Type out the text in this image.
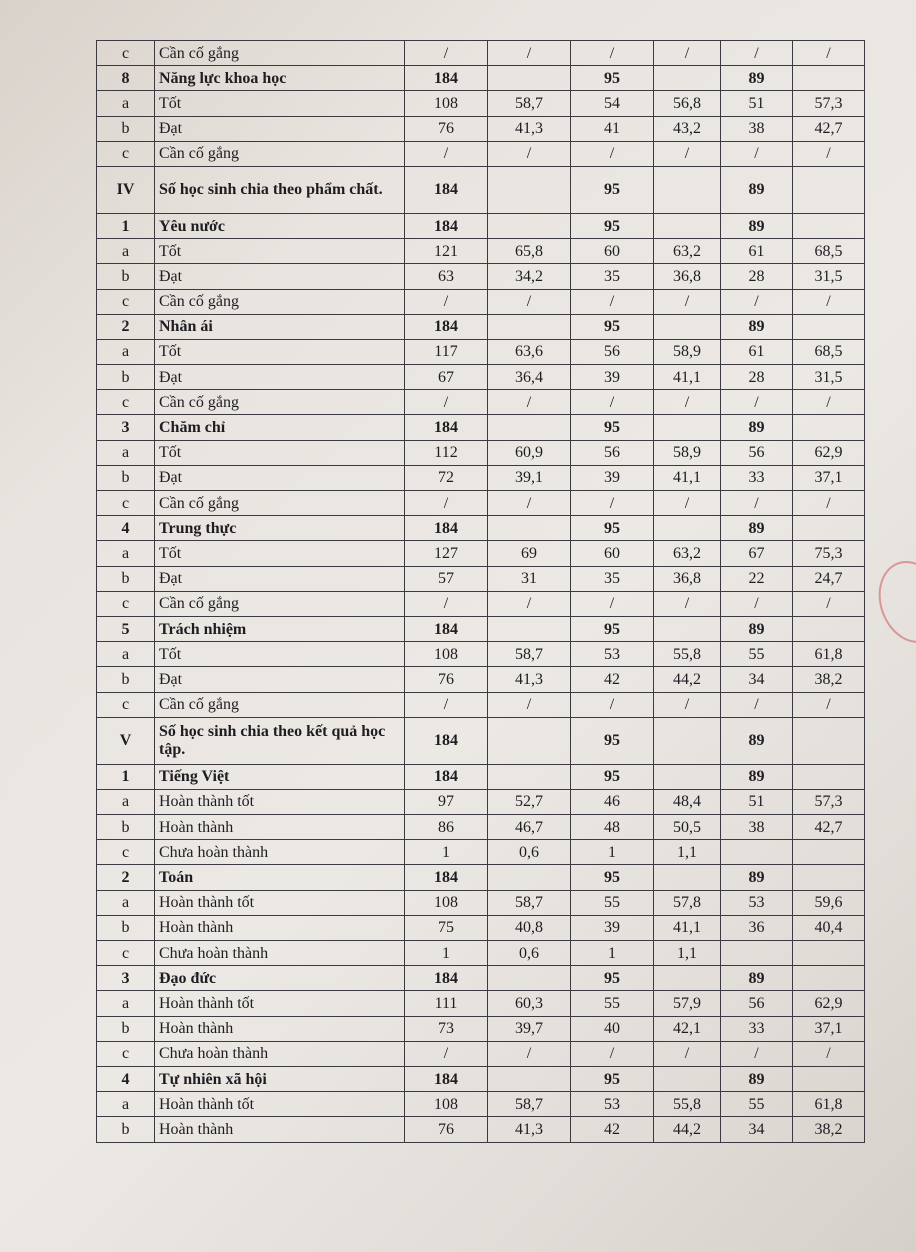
c	Cần cố gắng	/	/	/	/	/	/
8	Năng lực khoa học	184		95		89	
a	Tốt	108	58,7	54	56,8	51	57,3
b	Đạt	76	41,3	41	43,2	38	42,7
c	Cần cố gắng	/	/	/	/	/	/
IV	Số học sinh chia theo phẩm chất.	184		95		89	
1	Yêu nước	184		95		89	
a	Tốt	121	65,8	60	63,2	61	68,5
b	Đạt	63	34,2	35	36,8	28	31,5
c	Cần cố gắng	/	/	/	/	/	/
2	Nhân ái	184		95		89	
a	Tốt	117	63,6	56	58,9	61	68,5
b	Đạt	67	36,4	39	41,1	28	31,5
c	Cần cố gắng	/	/	/	/	/	/
3	Chăm chỉ	184		95		89	
a	Tốt	112	60,9	56	58,9	56	62,9
b	Đạt	72	39,1	39	41,1	33	37,1
c	Cần cố gắng	/	/	/	/	/	/
4	Trung thực	184		95		89	
a	Tốt	127	69	60	63,2	67	75,3
b	Đạt	57	31	35	36,8	22	24,7
c	Cần cố gắng	/	/	/	/	/	/
5	Trách nhiệm	184		95		89	
a	Tốt	108	58,7	53	55,8	55	61,8
b	Đạt	76	41,3	42	44,2	34	38,2
c	Cần cố gắng	/	/	/	/	/	/
V	Số học sinh chia theo kết quả học tập.	184		95		89	
1	Tiếng Việt	184		95		89	
a	Hoàn thành tốt	97	52,7	46	48,4	51	57,3
b	Hoàn thành	86	46,7	48	50,5	38	42,7
c	Chưa hoàn thành	1	0,6	1	1,1		
2	Toán	184		95		89	
a	Hoàn thành tốt	108	58,7	55	57,8	53	59,6
b	Hoàn thành	75	40,8	39	41,1	36	40,4
c	Chưa hoàn thành	1	0,6	1	1,1		
3	Đạo đức	184		95		89	
a	Hoàn thành tốt	111	60,3	55	57,9	56	62,9
b	Hoàn thành	73	39,7	40	42,1	33	37,1
c	Chưa hoàn thành	/	/	/	/	/	/
4	Tự nhiên xã hội	184		95		89	
a	Hoàn thành tốt	108	58,7	53	55,8	55	61,8
b	Hoàn thành	76	41,3	42	44,2	34	38,2
